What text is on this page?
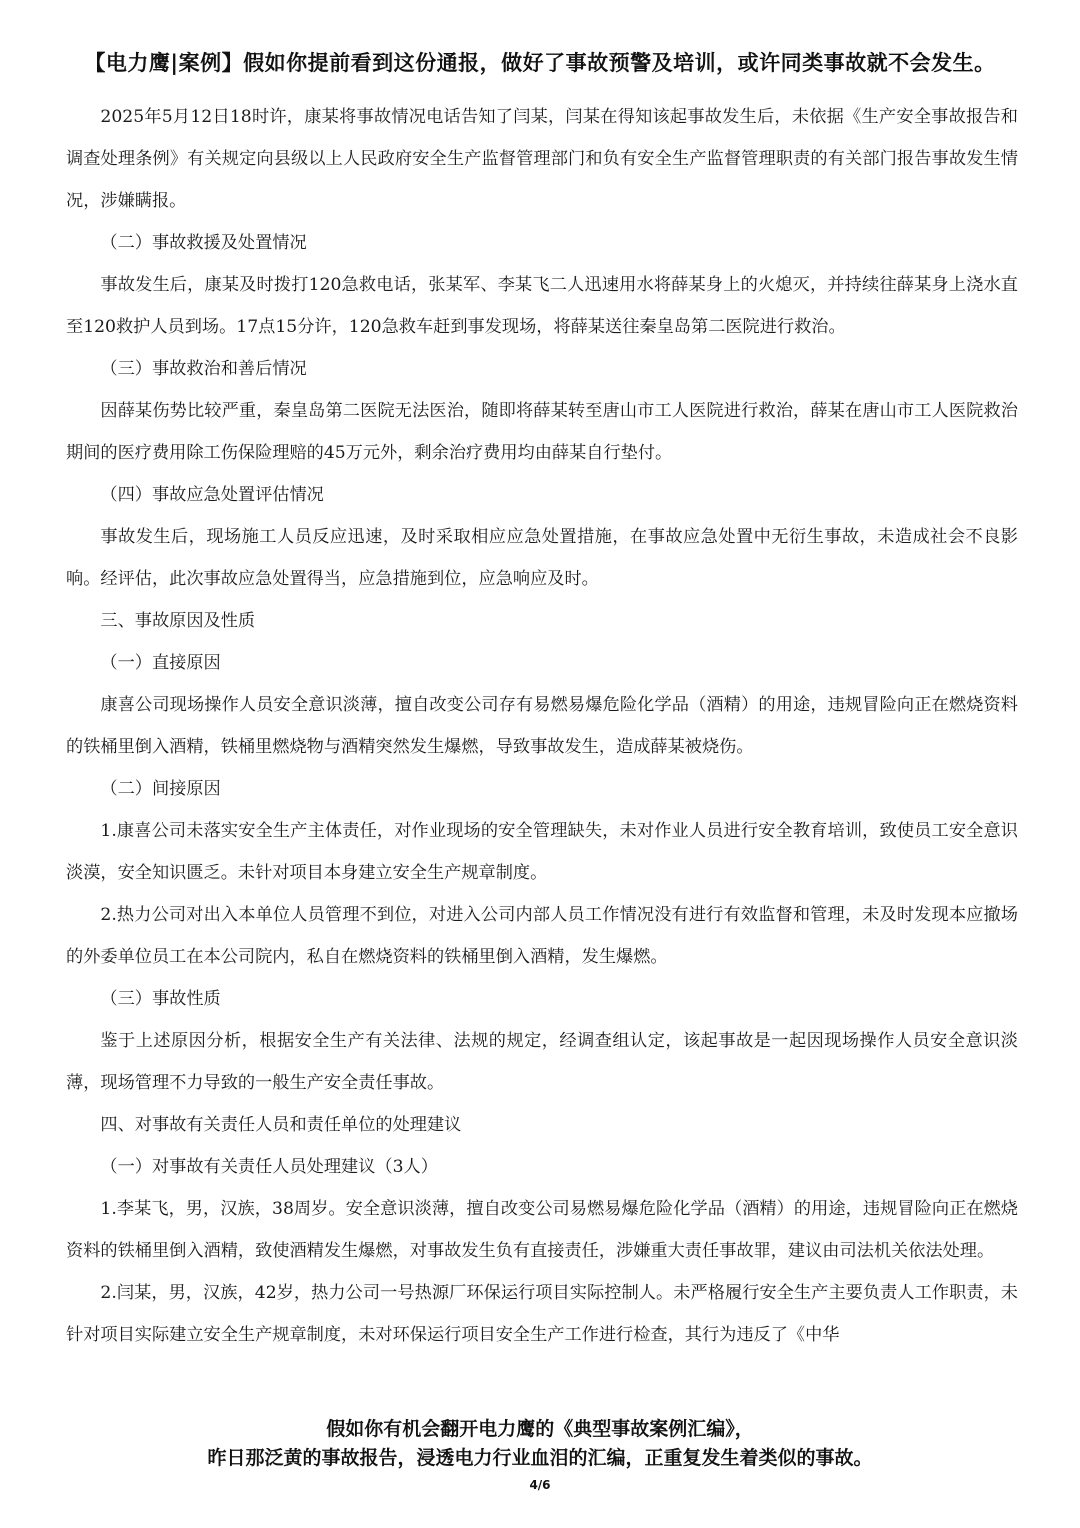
【电力鹰|案例】假如你提前看到这份通报，做好了事故预警及培训，或许同类事故就不会发生。

2025年5月12日18时许，康某将事故情况电话告知了闫某，闫某在得知该起事故发生后，未依据《生产安全事故报告和调查处理条例》有关规定向县级以上人民政府安全生产监督管理部门和负有安全生产监督管理职责的有关部门报告事故发生情况，涉嫌瞒报。

（二）事故救援及处置情况

事故发生后，康某及时拨打120急救电话，张某军、李某飞二人迅速用水将薛某身上的火熄灭，并持续往薛某身上浇水直至120救护人员到场。17点15分许，120急救车赶到事发现场，将薛某送往秦皇岛第二医院进行救治。

（三）事故救治和善后情况

因薛某伤势比较严重，秦皇岛第二医院无法医治，随即将薛某转至唐山市工人医院进行救治，薛某在唐山市工人医院救治期间的医疗费用除工伤保险理赔的45万元外，剩余治疗费用均由薛某自行垫付。

（四）事故应急处置评估情况

事故发生后，现场施工人员反应迅速，及时采取相应应急处置措施，在事故应急处置中无衍生事故，未造成社会不良影响。经评估，此次事故应急处置得当，应急措施到位，应急响应及时。

三、事故原因及性质

（一）直接原因

康喜公司现场操作人员安全意识淡薄，擅自改变公司存有易燃易爆危险化学品（酒精）的用途，违规冒险向正在燃烧资料的铁桶里倒入酒精，铁桶里燃烧物与酒精突然发生爆燃，导致事故发生，造成薛某被烧伤。

（二）间接原因

1.康喜公司未落实安全生产主体责任，对作业现场的安全管理缺失，未对作业人员进行安全教育培训，致使员工安全意识淡漠，安全知识匮乏。未针对项目本身建立安全生产规章制度。

2.热力公司对出入本单位人员管理不到位，对进入公司内部人员工作情况没有进行有效监督和管理，未及时发现本应撤场的外委单位员工在本公司院内，私自在燃烧资料的铁桶里倒入酒精，发生爆燃。

（三）事故性质

鉴于上述原因分析，根据安全生产有关法律、法规的规定，经调查组认定，该起事故是一起因现场操作人员安全意识淡薄，现场管理不力导致的一般生产安全责任事故。

四、对事故有关责任人员和责任单位的处理建议

（一）对事故有关责任人员处理建议（3人）

1.李某飞，男，汉族，38周岁。安全意识淡薄，擅自改变公司易燃易爆危险化学品（酒精）的用途，违规冒险向正在燃烧资料的铁桶里倒入酒精，致使酒精发生爆燃，对事故发生负有直接责任，涉嫌重大责任事故罪，建议由司法机关依法处理。

2.闫某，男，汉族，42岁，热力公司一号热源厂环保运行项目实际控制人。未严格履行安全生产主要负责人工作职责，未针对项目实际建立安全生产规章制度，未对环保运行项目安全生产工作进行检查，其行为违反了《中华

假如你有机会翻开电力鹰的《典型事故案例汇编》，
昨日那泛黄的事故报告，浸透电力行业血泪的汇编，正重复发生着类似的事故。
4/6
